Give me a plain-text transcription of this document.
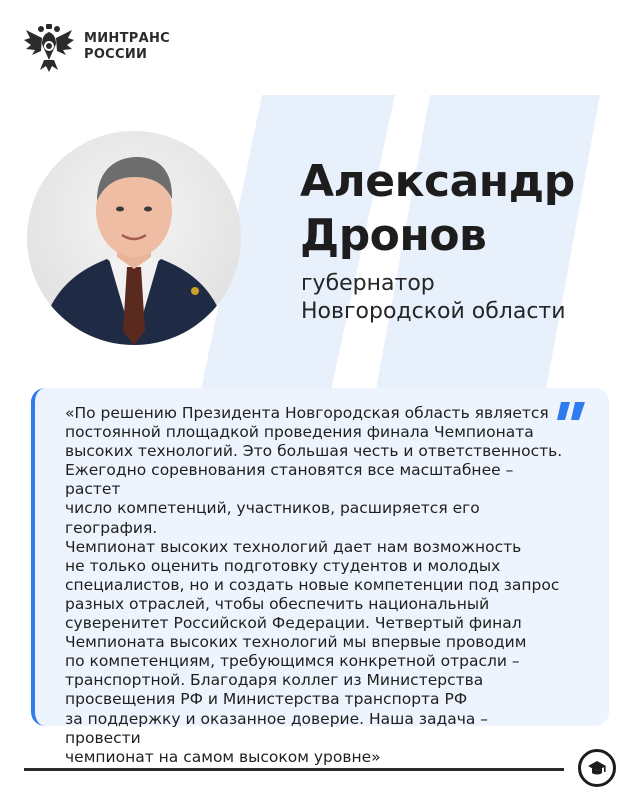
МИНТРАНС
РОССИИ
Александр
Дронов
губернатор
Новгородской области
«По решению Президента Новгородская область является
постоянной площадкой проведения финала Чемпионата
высоких технологий. Это большая честь и ответственность.
Ежегодно соревнования становятся все масштабнее – растет
число компетенций, участников, расширяется его география.
Чемпионат высоких технологий дает нам возможность
не только оценить подготовку студентов и молодых
специалистов, но и создать новые компетенции под запрос
разных отраслей, чтобы обеспечить национальный
суверенитет Российской Федерации. Четвертый финал
Чемпионата высоких технологий мы впервые проводим
по компетенциям, требующимся конкретной отрасли –
транспортной. Благодаря коллег из Министерства
просвещения РФ и Министерства транспорта РФ
за поддержку и оказанное доверие. Наша задача – провести
чемпионат на самом высоком уровне»
